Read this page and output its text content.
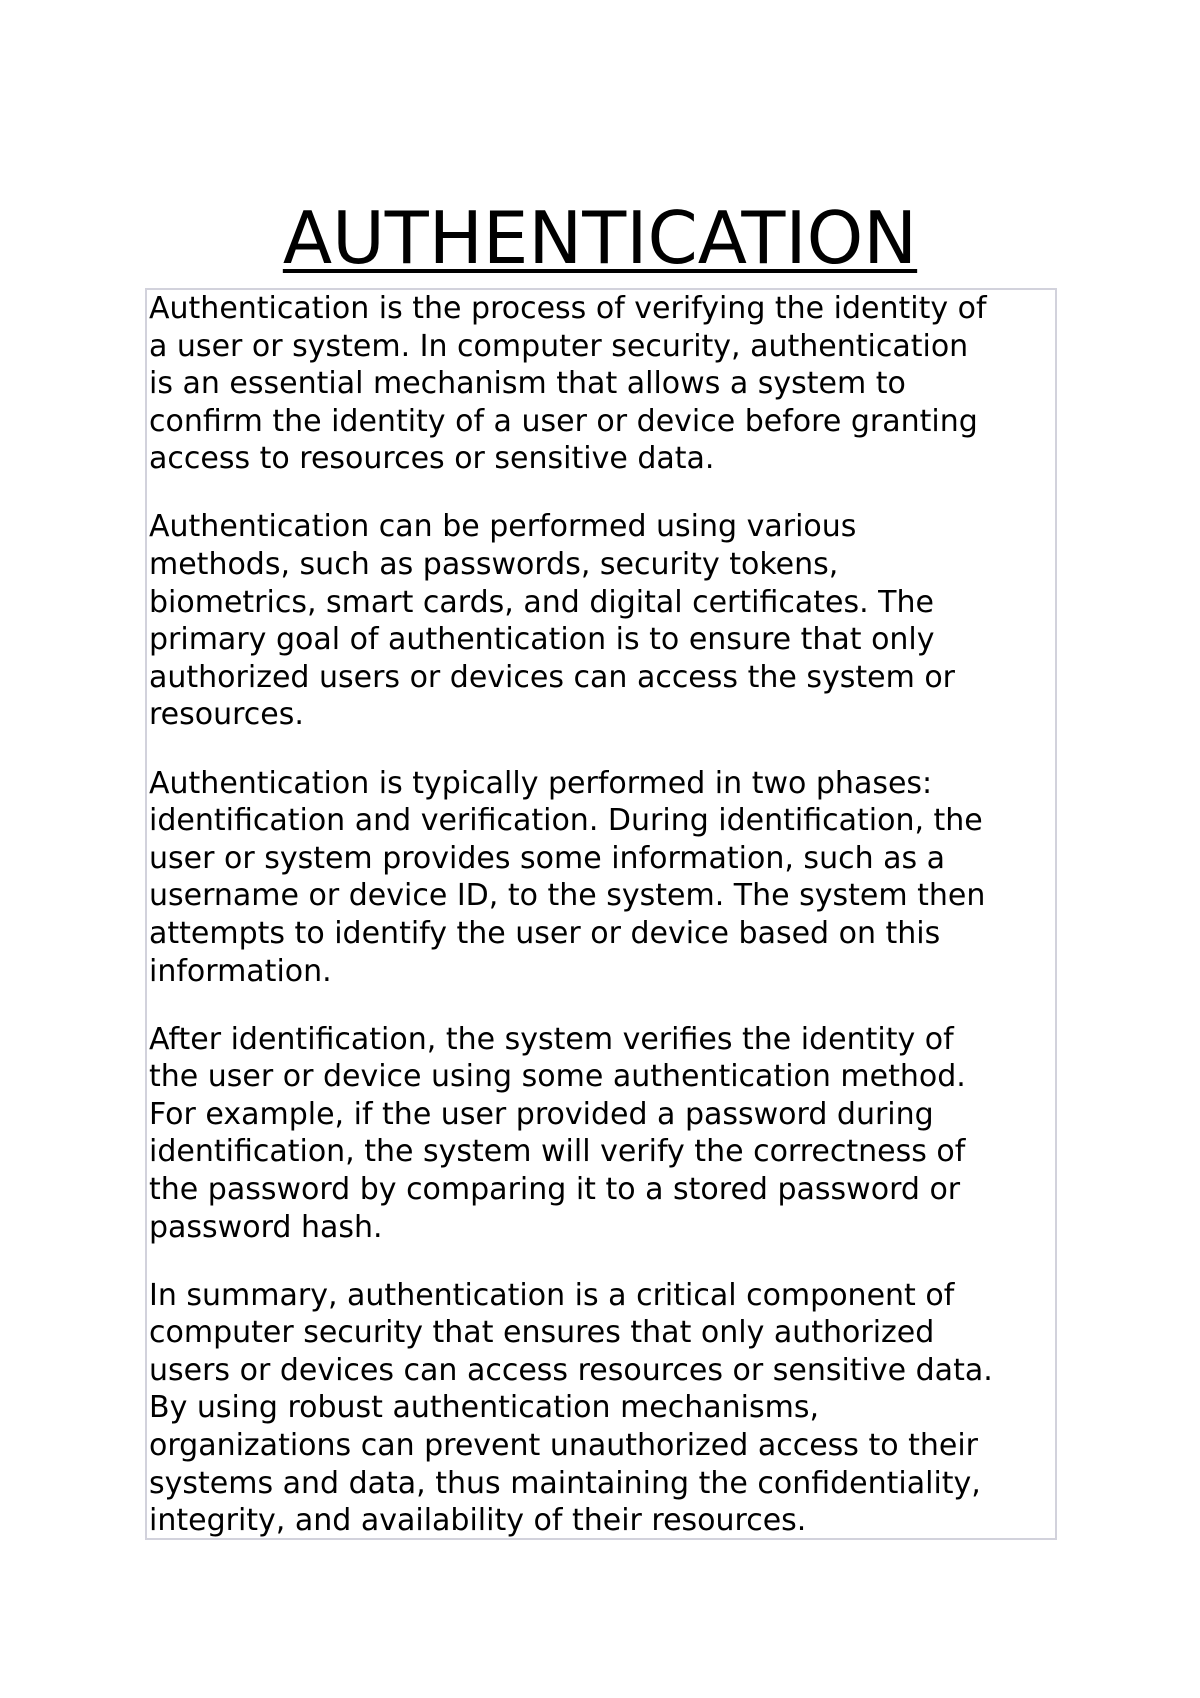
AUTHENTICATION

Authentication is the process of verifying the identity of
a user or system. In computer security, authentication
is an essential mechanism that allows a system to
confirm the identity of a user or device before granting
access to resources or sensitive data.

Authentication can be performed using various
methods, such as passwords, security tokens,
biometrics, smart cards, and digital certificates. The
primary goal of authentication is to ensure that only
authorized users or devices can access the system or
resources.

Authentication is typically performed in two phases:
identification and verification. During identification, the
user or system provides some information, such as a
username or device ID, to the system. The system then
attempts to identify the user or device based on this
information.

After identification, the system verifies the identity of
the user or device using some authentication method.
For example, if the user provided a password during
identification, the system will verify the correctness of
the password by comparing it to a stored password or
password hash.

In summary, authentication is a critical component of
computer security that ensures that only authorized
users or devices can access resources or sensitive data.
By using robust authentication mechanisms,
organizations can prevent unauthorized access to their
systems and data, thus maintaining the confidentiality,
integrity, and availability of their resources.
